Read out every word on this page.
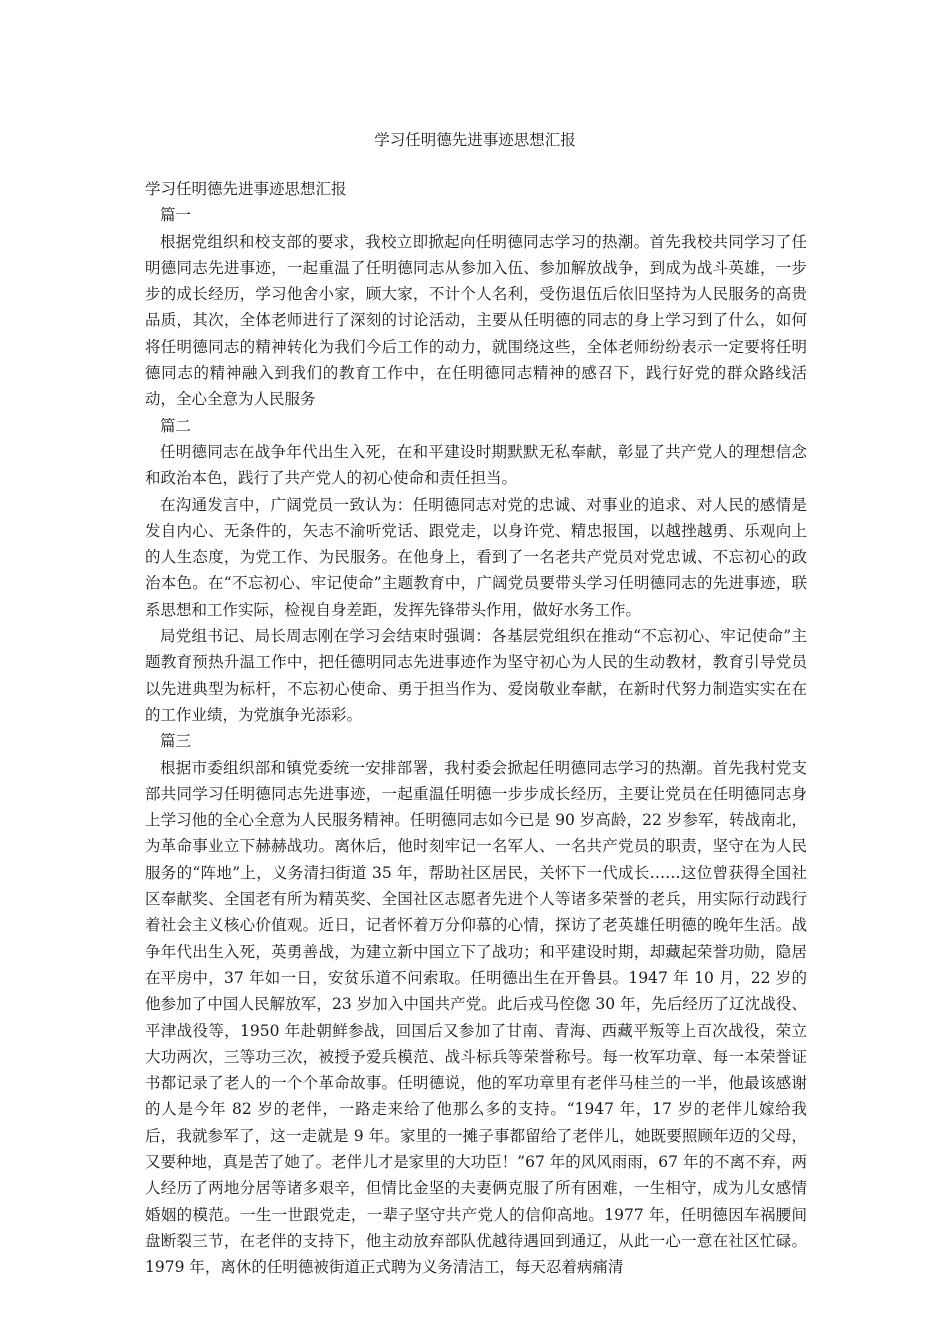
学习任明德先进事迹思想汇报

学习任明德先进事迹思想汇报

篇一

根据党组织和校支部的要求，我校立即掀起向任明德同志学习的热潮。首先我校共同学习了任明德同志先进事迹，一起重温了任明德同志从参加入伍、参加解放战争，到成为战斗英雄，一步步的成长经历，学习他舍小家，顾大家，不计个人名利，受伤退伍后依旧坚持为人民服务的高贵品质，其次，全体老师进行了深刻的讨论活动，主要从任明德的同志的身上学习到了什么，如何将任明德同志的精神转化为我们今后工作的动力，就围绕这些，全体老师纷纷表示一定要将任明德同志的精神融入到我们的教育工作中，在任明德同志精神的感召下，践行好党的群众路线活动，全心全意为人民服务

篇二

任明德同志在战争年代出生入死，在和平建设时期默默无私奉献，彰显了共产党人的理想信念和政治本色，践行了共产党人的初心使命和责任担当。

在沟通发言中，广阔党员一致认为：任明德同志对党的忠诚、对事业的追求、对人民的感情是发自内心、无条件的，矢志不渝听党话、跟党走，以身许党、精忠报国，以越挫越勇、乐观向上的人生态度，为党工作、为民服务。在他身上，看到了一名老共产党员对党忠诚、不忘初心的政治本色。在“不忘初心、牢记使命”主题教育中，广阔党员要带头学习任明德同志的先进事迹，联系思想和工作实际，检视自身差距，发挥先锋带头作用，做好水务工作。

局党组书记、局长周志刚在学习会结束时强调：各基层党组织在推动“不忘初心、牢记使命”主题教育预热升温工作中，把任德明同志先进事迹作为坚守初心为人民的生动教材，教育引导党员以先进典型为标杆，不忘初心使命、勇于担当作为、爱岗敬业奉献，在新时代努力制造实实在在的工作业绩，为党旗争光添彩。

篇三

根据市委组织部和镇党委统一安排部署，我村委会掀起任明德同志学习的热潮。首先我村党支部共同学习任明德同志先进事迹，一起重温任明德一步步成长经历，主要让党员在任明德同志身上学习他的全心全意为人民服务精神。任明德同志如今已是 90 岁高龄，22 岁参军，转战南北，为革命事业立下赫赫战功。离休后，他时刻牢记一名军人、一名共产党员的职责，坚守在为人民服务的“阵地”上，义务清扫街道 35 年，帮助社区居民，关怀下一代成长……这位曾获得全国社区奉献奖、全国老有所为精英奖、全国社区志愿者先进个人等诸多荣誉的老兵，用实际行动践行着社会主义核心价值观。近日，记者怀着万分仰慕的心情，探访了老英雄任明德的晚年生活。战争年代出生入死，英勇善战，为建立新中国立下了战功；和平建设时期，却藏起荣誉功勋，隐居在平房中，37 年如一日，安贫乐道不问索取。任明德出生在开鲁县。1947 年 10 月，22 岁的他参加了中国人民解放军，23 岁加入中国共产党。此后戎马倥偬 30 年，先后经历了辽沈战役、平津战役等，1950 年赴朝鲜参战，回国后又参加了甘南、青海、西藏平叛等上百次战役，荣立大功两次，三等功三次，被授予爱兵模范、战斗标兵等荣誉称号。每一枚军功章、每一本荣誉证书都记录了老人的一个个革命故事。任明德说，他的军功章里有老伴马桂兰的一半，他最该感谢的人是今年 82 岁的老伴，一路走来给了他那么多的支持。“1947 年，17 岁的老伴儿嫁给我后，我就参军了，这一走就是 9 年。家里的一摊子事都留给了老伴儿，她既要照顾年迈的父母，又要种地，真是苦了她了。老伴儿才是家里的大功臣！”67 年的风风雨雨，67 年的不离不弃，两人经历了两地分居等诸多艰辛，但情比金坚的夫妻俩克服了所有困难，一生相守，成为儿女感情婚姻的模范。一生一世跟党走，一辈子坚守共产党人的信仰高地。1977 年，任明德因车祸腰间盘断裂三节，在老伴的支持下，他主动放弃部队优越待遇回到通辽，从此一心一意在社区忙碌。1979 年，离休的任明德被街道正式聘为义务清洁工，每天忍着病痛清
